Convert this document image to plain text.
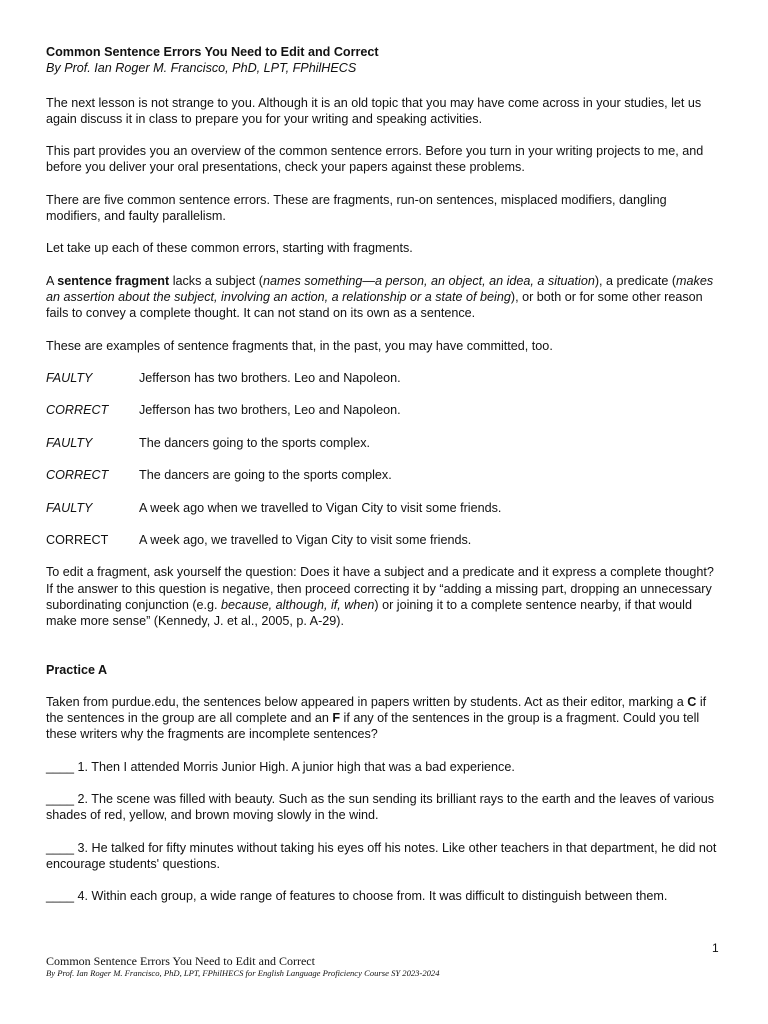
Common Sentence Errors You Need to Edit and Correct

By Prof. Ian Roger M. Francisco, PhD, LPT, FPhilHECS

The next lesson is not strange to you. Although it is an old topic that you may have come across in your studies, let us again discuss it in class to prepare you for your writing and speaking activities.

This part provides you an overview of the common sentence errors. Before you turn in your writing projects to me, and before you deliver your oral presentations, check your papers against these problems.

There are five common sentence errors. These are fragments, run-on sentences, misplaced modifiers, dangling modifiers, and faulty parallelism.

Let take up each of these common errors, starting with fragments.

A sentence fragment lacks a subject (names something—a person, an object, an idea, a situation), a predicate (makes an assertion about the subject, involving an action, a relationship or a state of being), or both or for some other reason fails to convey a complete thought. It can not stand on its own as a sentence.

These are examples of sentence fragments that, in the past, you may have committed, too.

FAULTY	Jefferson has two brothers. Leo and Napoleon.
CORRECT	Jefferson has two brothers, Leo and Napoleon.
FAULTY	The dancers going to the sports complex.
CORRECT	The dancers are going to the sports complex.
FAULTY	A week ago when we travelled to Vigan City to visit some friends.
CORRECT	A week ago, we travelled to Vigan City to visit some friends.

To edit a fragment, ask yourself the question: Does it have a subject and a predicate and it express a complete thought? If the answer to this question is negative, then proceed correcting it by “adding a missing part, dropping an unnecessary subordinating conjunction (e.g. because, although, if, when) or joining it to a complete sentence nearby, if that would make more sense” (Kennedy, J. et al., 2005, p. A-29).

Practice A

Taken from purdue.edu, the sentences below appeared in papers written by students. Act as their editor, marking a C if the sentences in the group are all complete and an F if any of the sentences in the group is a fragment. Could you tell these writers why the fragments are incomplete sentences?

____ 1. Then I attended Morris Junior High. A junior high that was a bad experience.

____ 2. The scene was filled with beauty. Such as the sun sending its brilliant rays to the earth and the leaves of various shades of red, yellow, and brown moving slowly in the wind.

____ 3. He talked for fifty minutes without taking his eyes off his notes. Like other teachers in that department, he did not encourage students' questions.

____ 4. Within each group, a wide range of features to choose from. It was difficult to distinguish between them.

1
Common Sentence Errors You Need to Edit and Correct
By Prof. Ian Roger M. Francisco, PhD, LPT, FPhilHECS for English Language Proficiency Course SY 2023-2024
